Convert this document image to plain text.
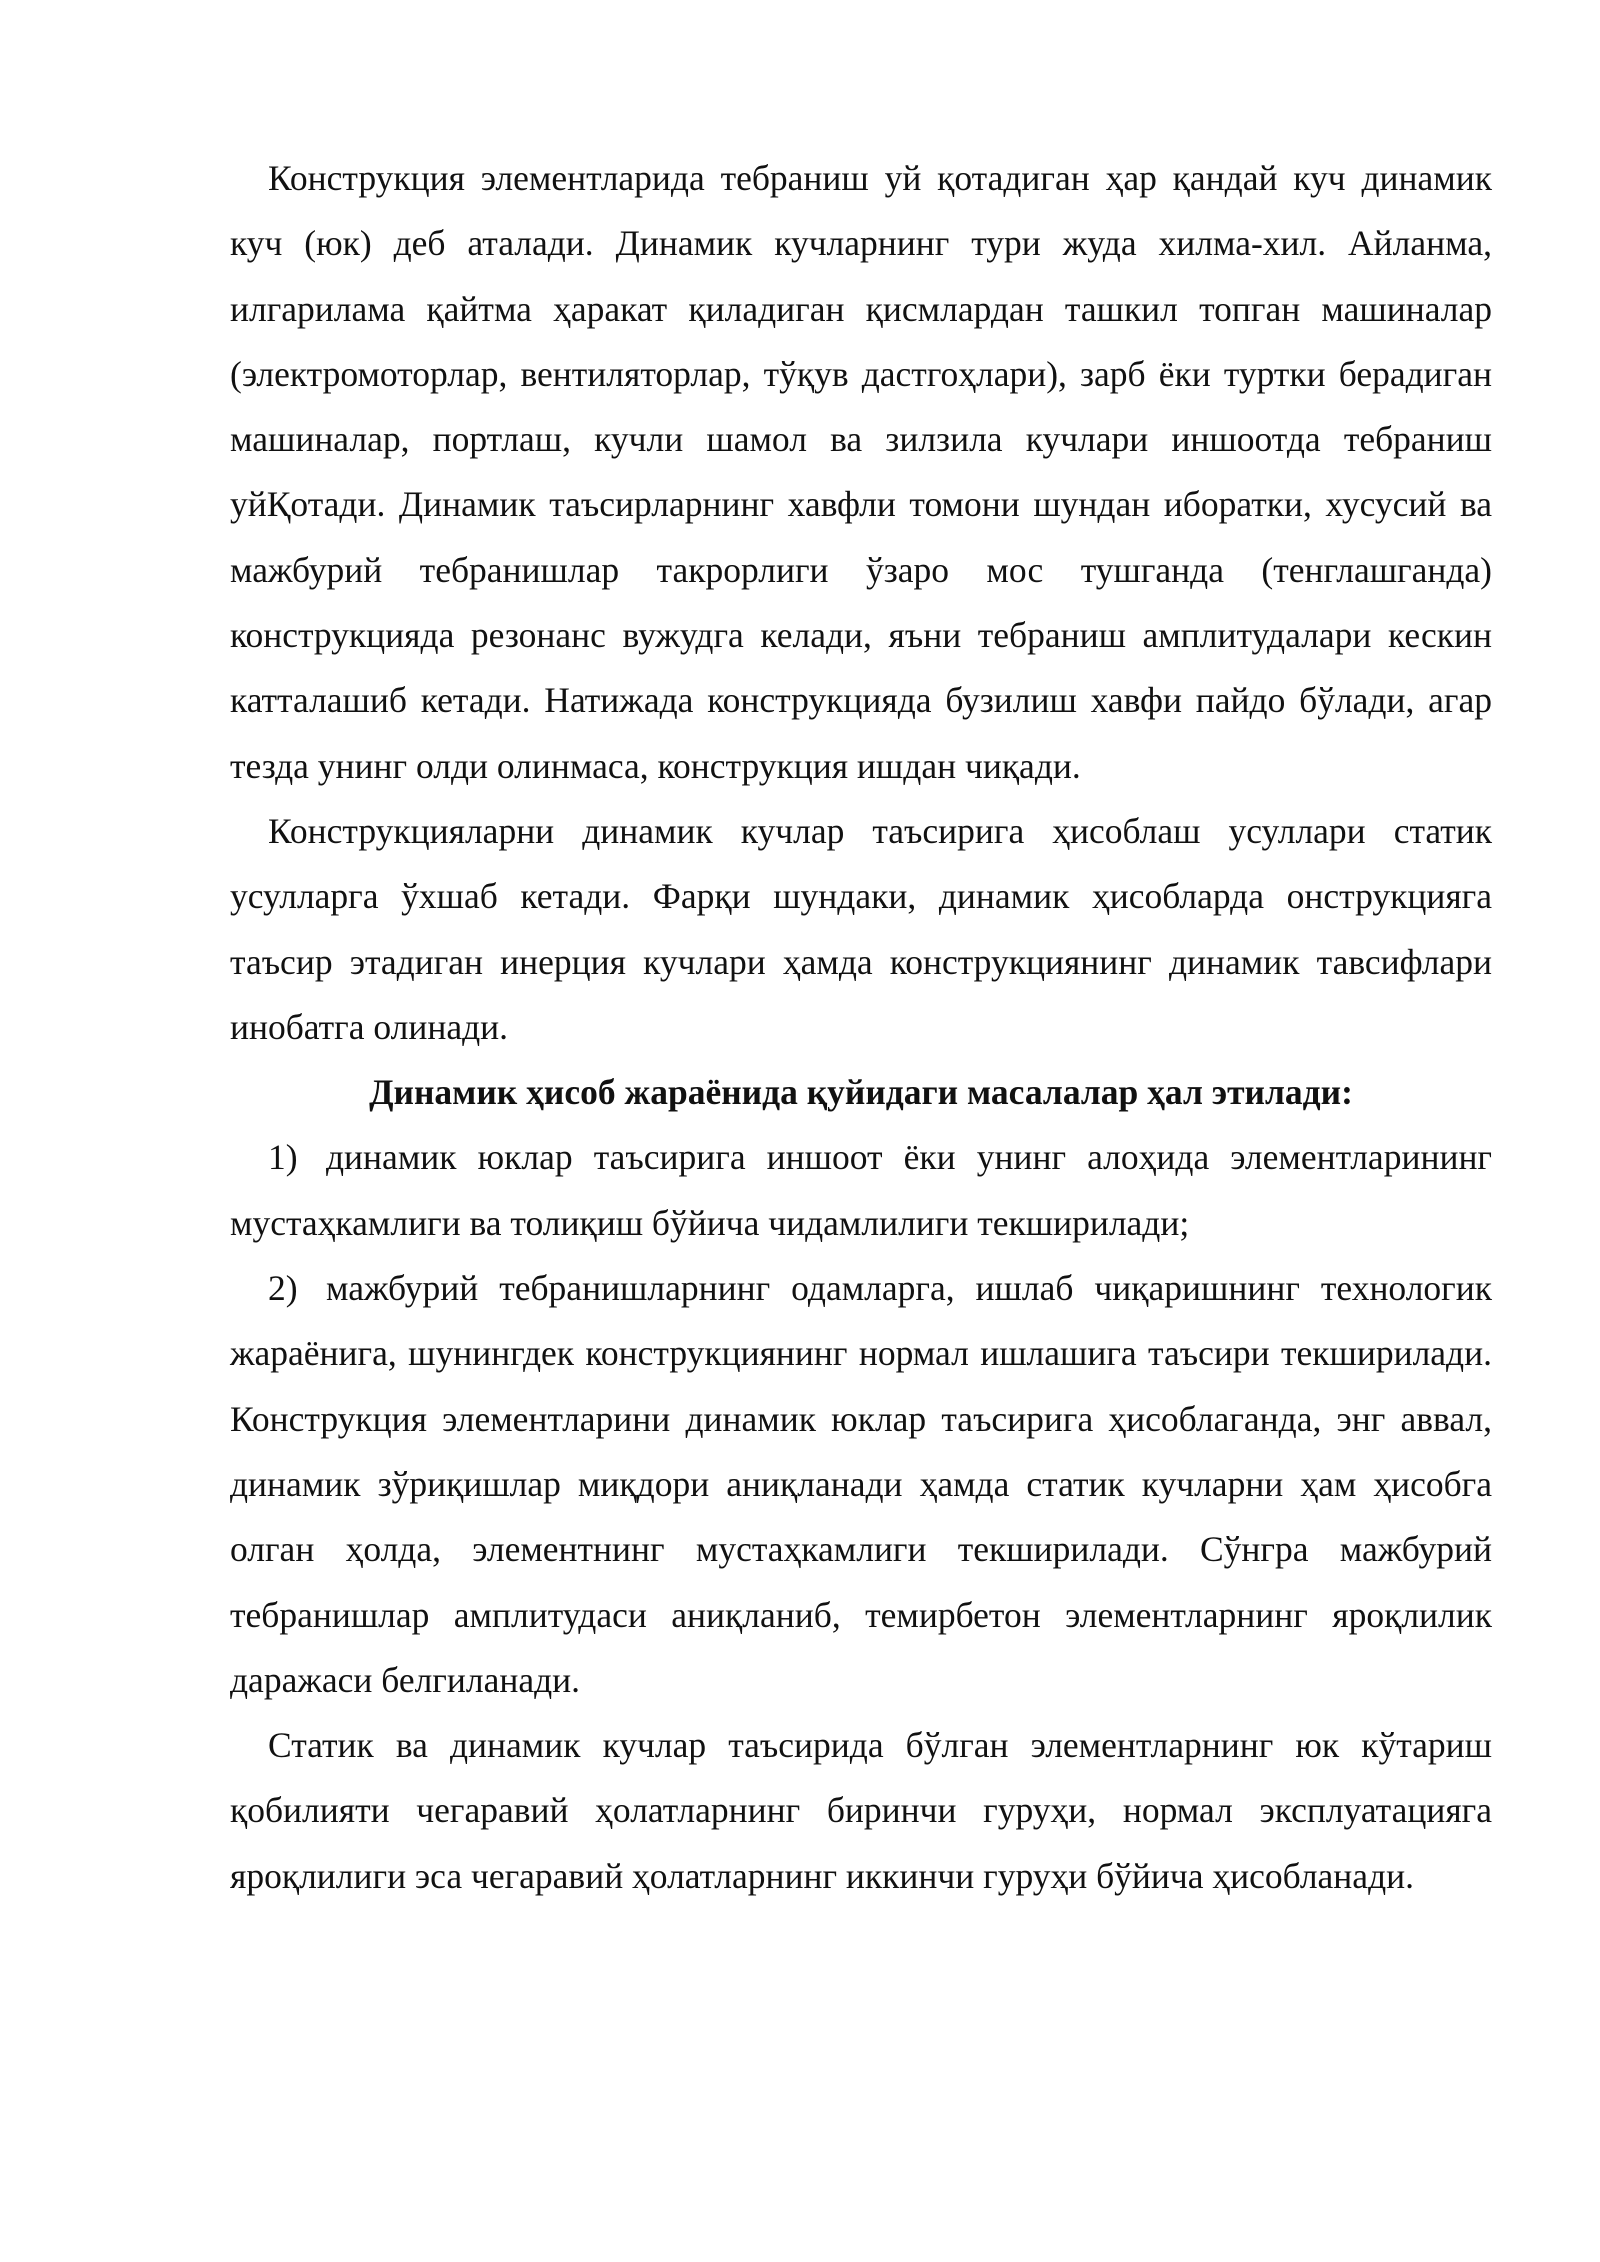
Конструкция элементларида тебраниш уй қотадиган ҳар қандай куч динамик куч (юк) деб аталади. Динамик кучларнинг тури жуда хилма-хил. Айланма, илгарилама қайтма ҳаракат қиладиган қисмлардан ташкил топган машиналар (электромоторлар, вентиляторлар, тўқув дастгоҳлари), зарб ёки туртки берадиган машиналар, портлаш, кучли шамол ва зилзила кучлари иншоотда тебраниш уйҚотади. Динамик таъсирларнинг хавфли томони шундан иборатки, хусусий ва мажбурий тебранишлар такрорлиги ўзаро мос тушганда (тенглашганда) конструкцияда резонанс вужудга келади, яъни тебраниш амплитудалари кескин катталашиб кетади. Натижада конструкцияда бузилиш хавфи пайдо бўлади, агар тезда унинг олди олинмаса, конструкция ишдан чиқади.

Конструкцияларни динамик кучлар таъсирига ҳисоблаш усуллари статик усулларга ўхшаб кетади. Фарқи шундаки, динамик ҳисобларда онструкцияга таъсир этадиган инерция кучлари ҳамда конструкциянинг динамик тавсифлари инобатга олинади.

Динамик ҳисоб жараёнида қуйидаги масалалар ҳал этилади:

1) динамик юклар таъсирига иншоот ёки унинг алоҳида элементларининг мустаҳкамлиги ва толиқиш бўйича чидамлилиги текширилади;

2) мажбурий тебранишларнинг одамларга, ишлаб чиқаришнинг технологик жараёнига, шунингдек конструкциянинг нормал ишлашига таъсири текширилади. Конструкция элементларини динамик юклар таъсирига ҳисоблаганда, энг аввал, динамик зўриқишлар миқдори аниқланади ҳамда статик кучларни ҳам ҳисобга олган ҳолда, элементнинг мустаҳкамлиги текширилади. Сўнгра мажбурий тебранишлар амплитудаси аниқланиб, темирбетон элементларнинг яроқлилик даражаси белгиланади.

Статик ва динамик кучлар таъсирида бўлган элементларнинг юк кўтариш қобилияти чегаравий ҳолатларнинг биринчи гуруҳи, нормал эксплуатацияга яроқлилиги эса чегаравий ҳолатларнинг иккинчи гуруҳи бўйича ҳисобланади.
